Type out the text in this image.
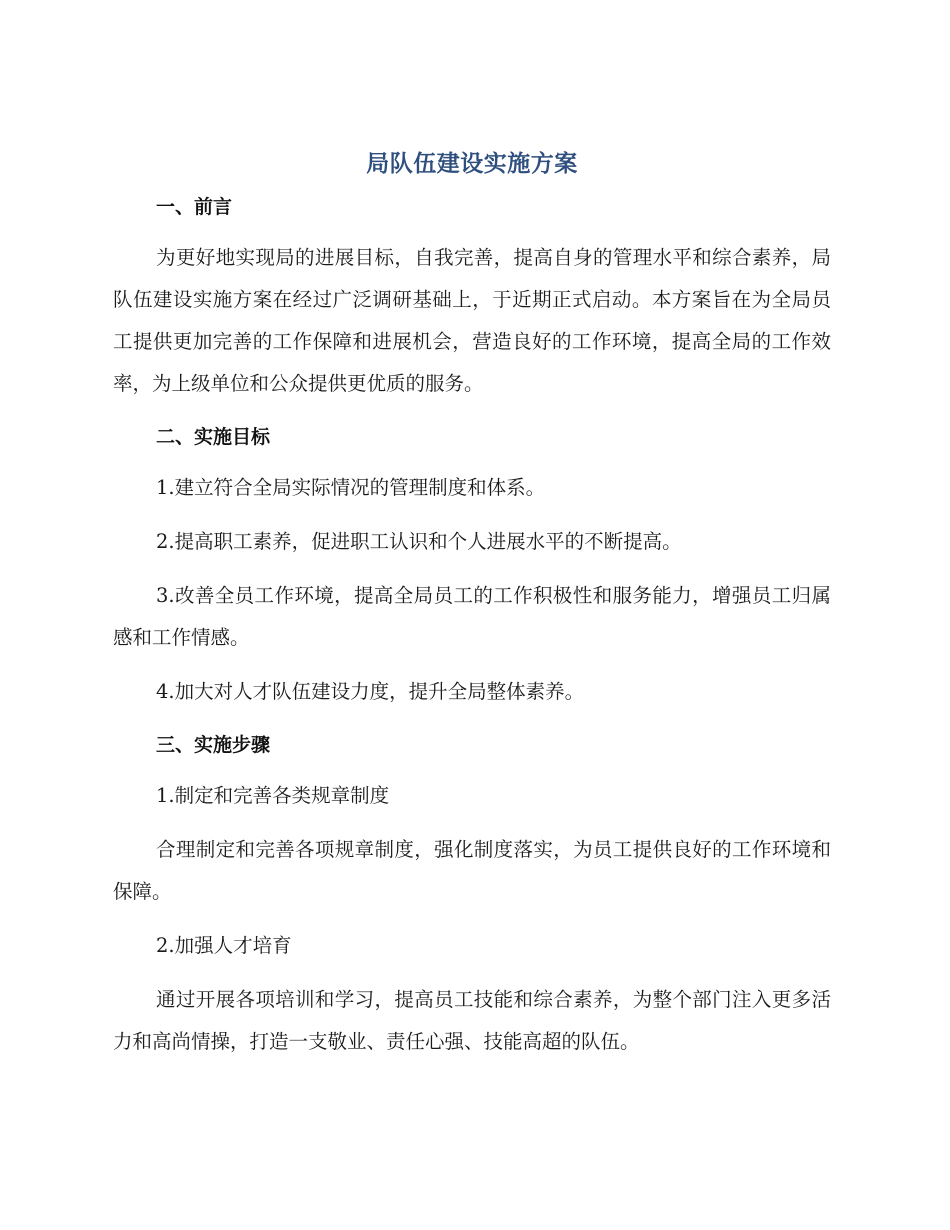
局队伍建设实施方案
一、前言
为更好地实现局的进展目标，自我完善，提高自身的管理水平和综合素养，局队伍建设实施方案在经过广泛调研基础上，于近期正式启动。本方案旨在为全局员工提供更加完善的工作保障和进展机会，营造良好的工作环境，提高全局的工作效率，为上级单位和公众提供更优质的服务。
二、实施目标
1.建立符合全局实际情况的管理制度和体系。
2.提高职工素养，促进职工认识和个人进展水平的不断提高。
3.改善全员工作环境，提高全局员工的工作积极性和服务能力，增强员工归属感和工作情感。
4.加大对人才队伍建设力度，提升全局整体素养。
三、实施步骤
1.制定和完善各类规章制度
合理制定和完善各项规章制度，强化制度落实，为员工提供良好的工作环境和保障。
2.加强人才培育
通过开展各项培训和学习，提高员工技能和综合素养，为整个部门注入更多活力和高尚情操，打造一支敬业、责任心强、技能高超的队伍。
